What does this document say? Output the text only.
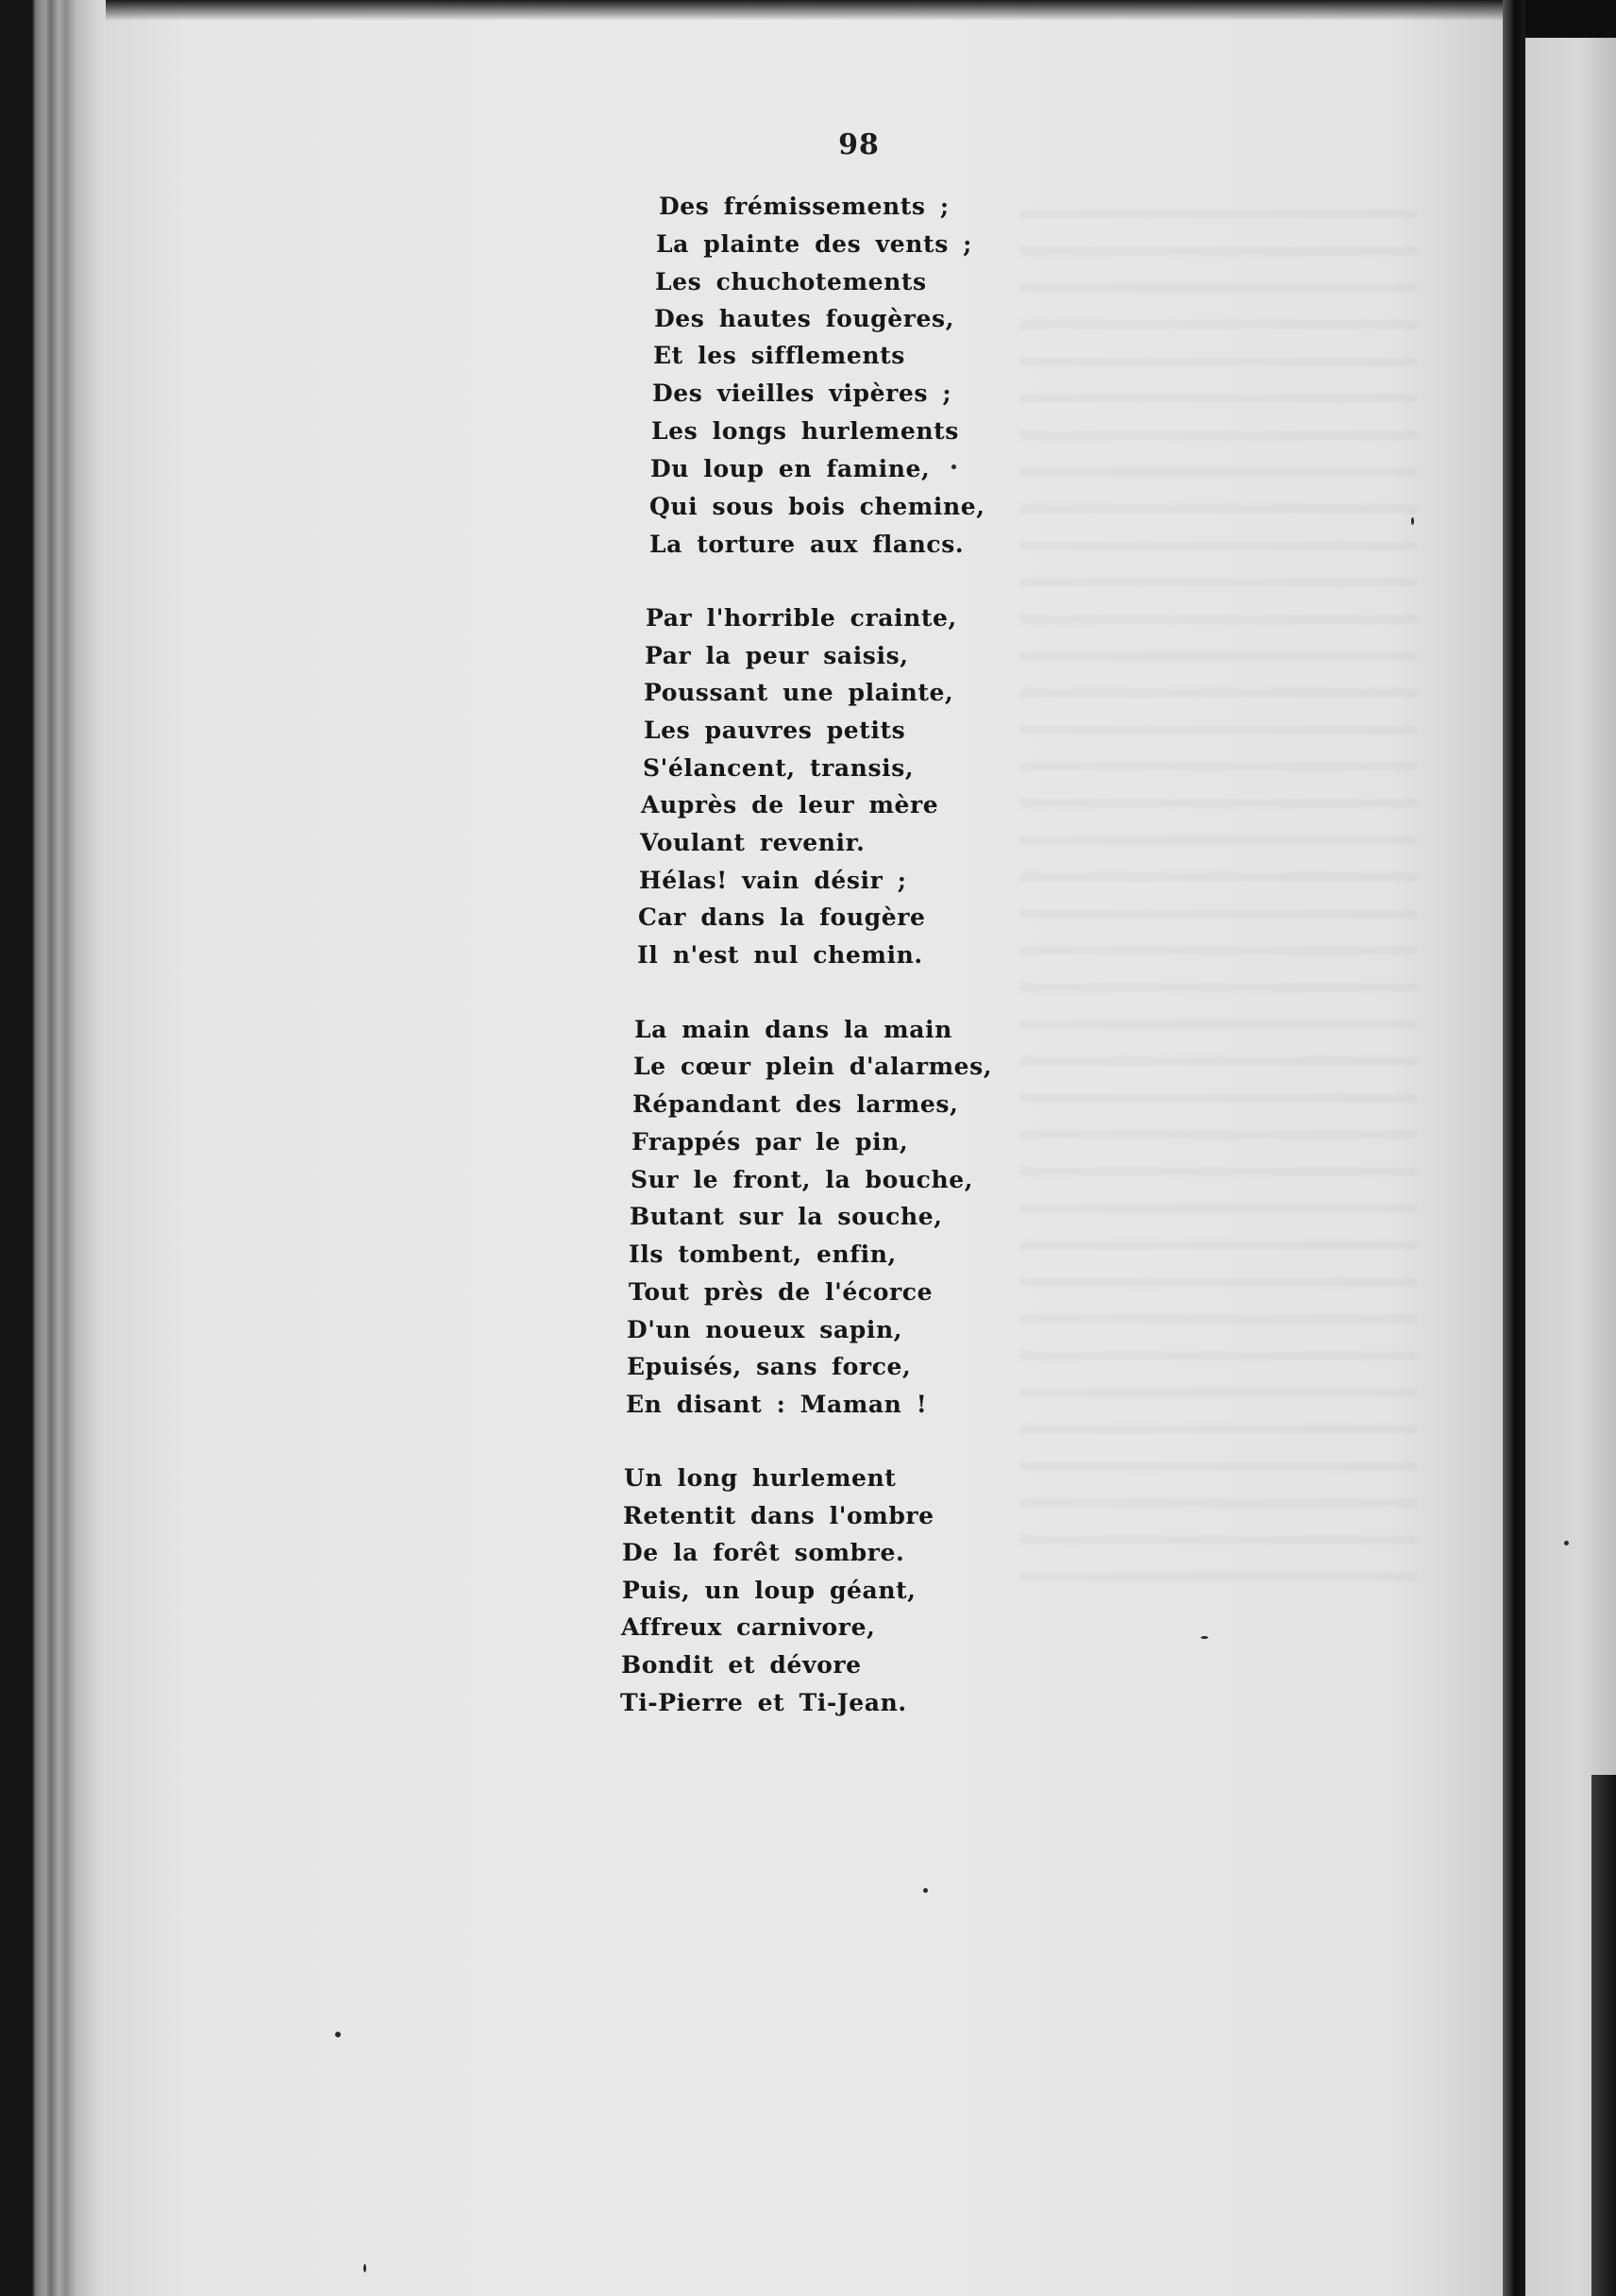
98
Des frémissements ;
La plainte des vents ;
Les chuchotements
Des hautes fougères,
Et les sifflements
Des vieilles vipères ;
Les longs hurlements
Du loup en famine,
Qui sous bois chemine,
La torture aux flancs.
Par l'horrible crainte,
Par la peur saisis,
Poussant une plainte,
Les pauvres petits
S'élancent, transis,
Auprès de leur mère
Voulant revenir.
Hélas! vain désir ;
Car dans la fougère
Il n'est nul chemin.
La main dans la main
Le cœur plein d'alarmes,
Répandant des larmes,
Frappés par le pin,
Sur le front, la bouche,
Butant sur la souche,
Ils tombent, enfin,
Tout près de l'écorce
D'un noueux sapin,
Epuisés, sans force,
En disant : Maman !
Un long hurlement
Retentit dans l'ombre
De la forêt sombre.
Puis, un loup géant,
Affreux carnivore,
Bondit et dévore
Ti-Pierre et Ti-Jean.
